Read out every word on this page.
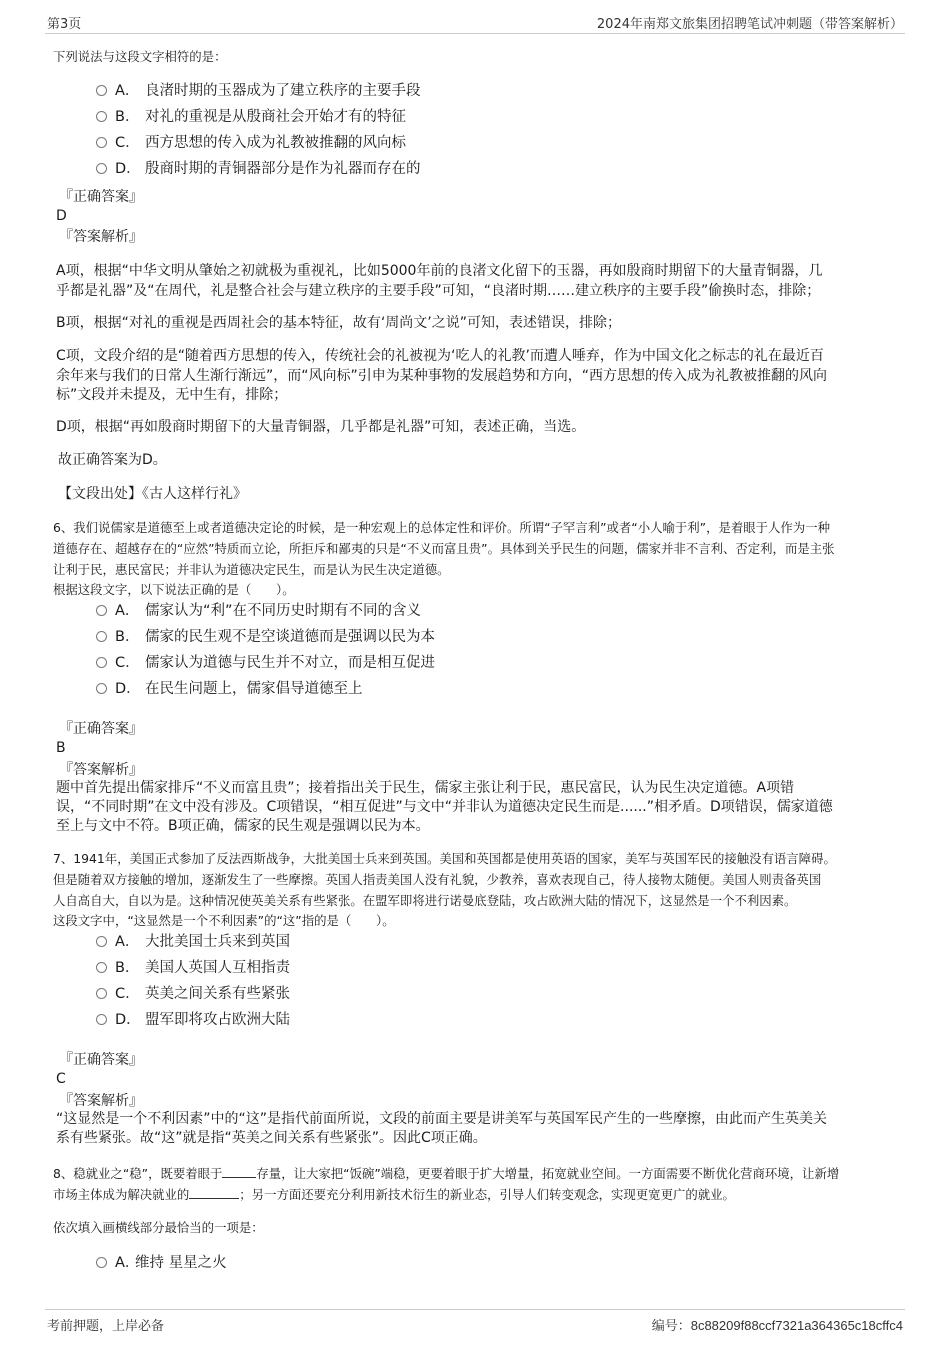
第3页	2024年南郑文旅集团招聘笔试冲刺题（带答案解析）
下列说法与这段文字相符的是：
A． 良渚时期的玉器成为了建立秩序的主要手段
B． 对礼的重视是从殷商社会开始才有的特征
C． 西方思想的传入成为礼教被推翻的风向标
D． 殷商时期的青铜器部分是作为礼器而存在的
『正确答案』
D
『答案解析』
A项，根据“中华文明从肇始之初就极为重视礼，比如5000年前的良渚文化留下的玉器，再如殷商时期留下的大量青铜器，几
乎都是礼器”及“在周代，礼是整合社会与建立秩序的主要手段”可知，“良渚时期……建立秩序的主要手段”偷换时态，排除；
B项，根据“对礼的重视是西周社会的基本特征，故有‘周尚文’之说”可知，表述错误，排除；
C项，文段介绍的是“随着西方思想的传入，传统社会的礼被视为‘吃人的礼教’而遭人唾弃，作为中国文化之标志的礼在最近百
余年来与我们的日常人生渐行渐远”，而“风向标”引申为某种事物的发展趋势和方向，“西方思想的传入成为礼教被推翻的风向
标”文段并未提及，无中生有，排除；
D项，根据“再如殷商时期留下的大量青铜器，几乎都是礼器”可知，表述正确，当选。
故正确答案为D。
【文段出处】《古人这样行礼》
6、我们说儒家是道德至上或者道德决定论的时候，是一种宏观上的总体定性和评价。所谓“子罕言利”或者“小人喻于利”，是着眼于人作为一种
道德存在、超越存在的“应然”特质而立论，所拒斥和鄙夷的只是“不义而富且贵”。具体到关乎民生的问题，儒家并非不言利、否定利，而是主张
让利于民，惠民富民；并非认为道德决定民生，而是认为民生决定道德。
根据这段文字，以下说法正确的是（　　）。
A． 儒家认为“利”在不同历史时期有不同的含义
B． 儒家的民生观不是空谈道德而是强调以民为本
C． 儒家认为道德与民生并不对立，而是相互促进
D． 在民生问题上，儒家倡导道德至上
『正确答案』
B
『答案解析』
题中首先提出儒家排斥“不义而富且贵”；接着指出关于民生，儒家主张让利于民，惠民富民，认为民生决定道德。A项错
误，“不同时期”在文中没有涉及。C项错误，“相互促进”与文中“并非认为道德决定民生而是......”相矛盾。D项错误，儒家道德
至上与文中不符。B项正确，儒家的民生观是强调以民为本。
7、1941年，美国正式参加了反法西斯战争，大批美国士兵来到英国。美国和英国都是使用英语的国家，美军与英国军民的接触没有语言障碍。
但是随着双方接触的增加，逐渐发生了一些摩擦。英国人指责美国人没有礼貌，少教养，喜欢表现自己，待人接物太随便。美国人则责备英国
人自高自大，自以为是。这种情况使英美关系有些紧张。在盟军即将进行诺曼底登陆，攻占欧洲大陆的情况下，这显然是一个不利因素。
这段文字中，“这显然是一个不利因素”的“这”指的是（　　）。
A． 大批美国士兵来到英国
B． 美国人英国人互相指责
C． 英美之间关系有些紧张
D． 盟军即将攻占欧洲大陆
『正确答案』
C
『答案解析』
“这显然是一个不利因素”中的“这”是指代前面所说，文段的前面主要是讲美军与英国军民产生的一些摩擦，由此而产生英美关
系有些紧张。故“这”就是指“英美之间关系有些紧张”。因此C项正确。
8、稳就业之“稳”，既要着眼于	存量，让大家把“饭碗”端稳，更要着眼于扩大增量，拓宽就业空间。一方面需要不断优化营商环境，让新增
市场主体成为解决就业的	；另一方面还要充分利用新技术衍生的新业态，引导人们转变观念，实现更宽更广的就业。
依次填入画横线部分最恰当的一项是：
A．维持 星星之火
考前押题，上岸必备	编号：8c88209f88ccf7321a364365c18cffc4
